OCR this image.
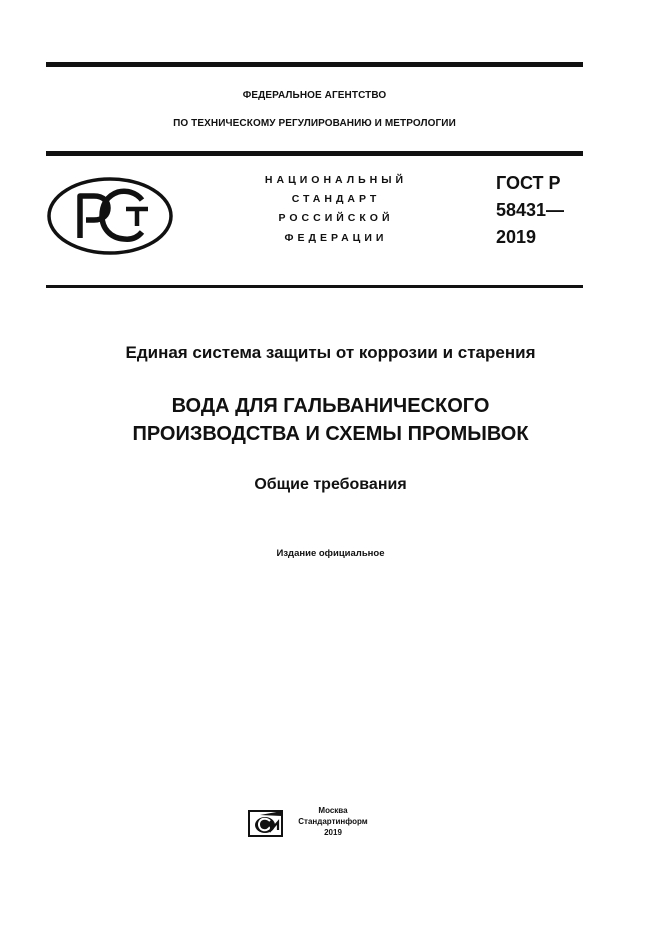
ФЕДЕРАЛЬНОЕ АГЕНТСТВО
ПО ТЕХНИЧЕСКОМУ РЕГУЛИРОВАНИЮ И МЕТРОЛОГИИ
НАЦИОНАЛЬНЫЙ
СТАНДАРТ
РОССИЙСКОЙ
ФЕДЕРАЦИИ
ГОСТ Р
58431—
2019
Единая система защиты от коррозии и старения
ВОДА ДЛЯ ГАЛЬВАНИЧЕСКОГО
ПРОИЗВОДСТВА И СХЕМЫ ПРОМЫВОК
Общие требования
Издание официальное
Москва
Стандартинформ
2019
